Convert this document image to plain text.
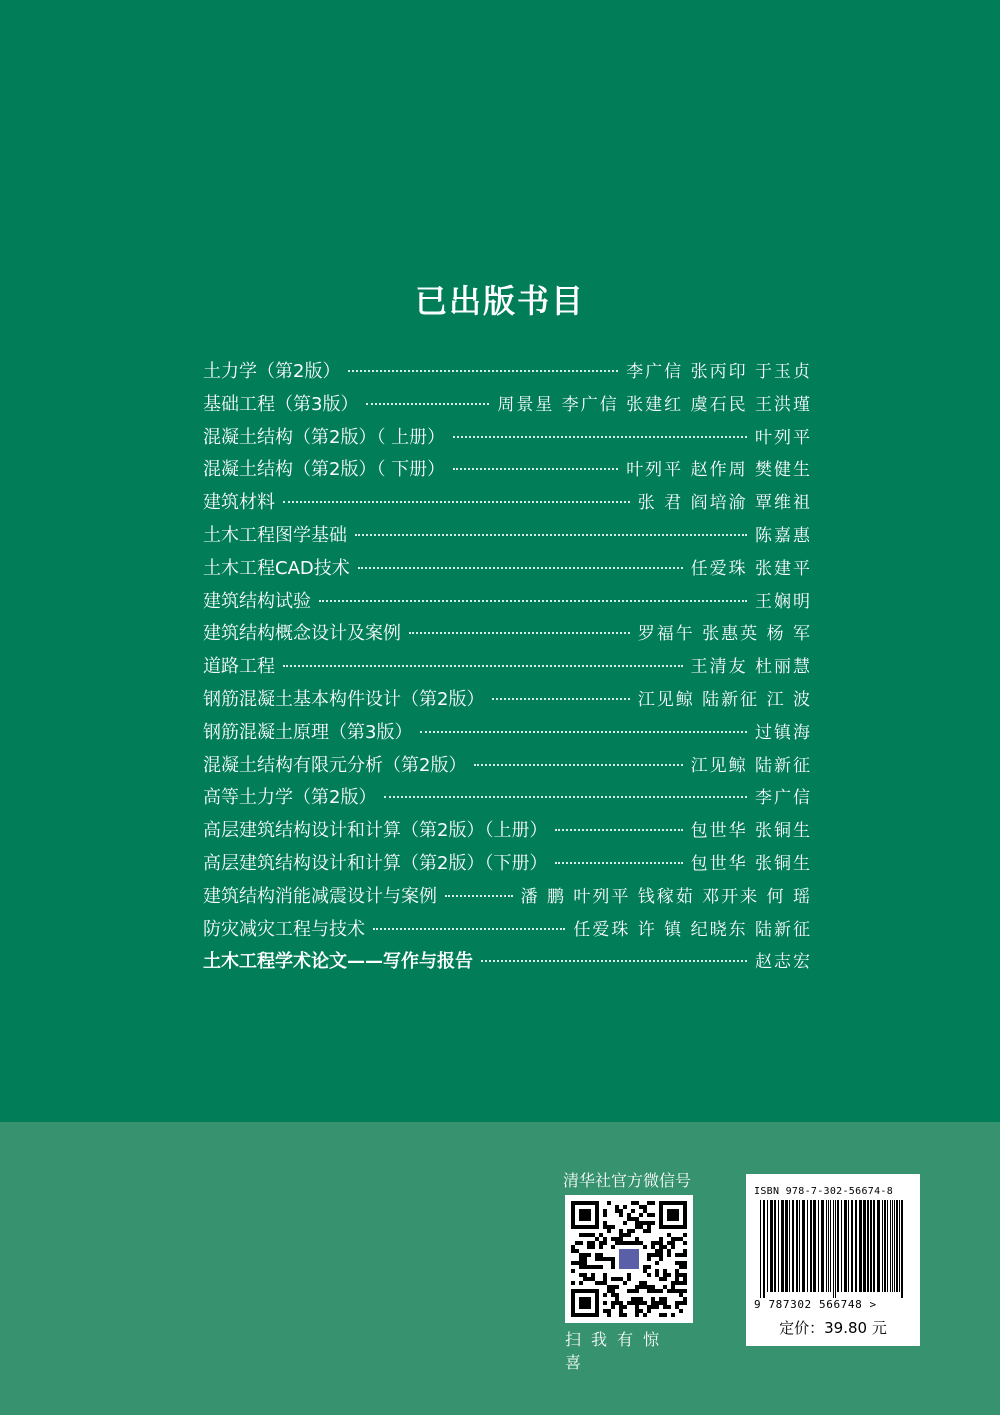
已出版书目
土力学（第2版）	李广信 张丙印 于玉贞
基础工程（第3版）	周景星 李广信 张建红 虞石民 王洪瑾
混凝土结构（第2版）（ 上册）	叶列平
混凝土结构（第2版）（ 下册）	叶列平 赵作周 樊健生
建筑材料	张 君 阎培渝 覃维祖
土木工程图学基础	陈嘉惠
土木工程CAD技术	任爱珠 张建平
建筑结构试验	王娴明
建筑结构概念设计及案例	罗福午 张惠英 杨 军
道路工程	王清友 杜丽慧
钢筋混凝土基本构件设计（第2版）	江见鲸 陆新征 江 波
钢筋混凝土原理（第3版）	过镇海
混凝土结构有限元分析（第2版）	江见鲸 陆新征
高等土力学（第2版）	李广信
高层建筑结构设计和计算（第2版）（上册）	包世华 张铜生
高层建筑结构设计和计算（第2版）（下册）	包世华 张铜生
建筑结构消能减震设计与案例	潘 鹏 叶列平 钱稼茹 邓开来 何 瑶
防灾减灾工程与技术	任爱珠 许 镇 纪晓东 陆新征
土木工程学术论文——写作与报告	赵志宏
清华社官方微信号
扫我有惊喜
ISBN 978-7-302-56674-8
9 787302 566748 >
定价：39.80 元
